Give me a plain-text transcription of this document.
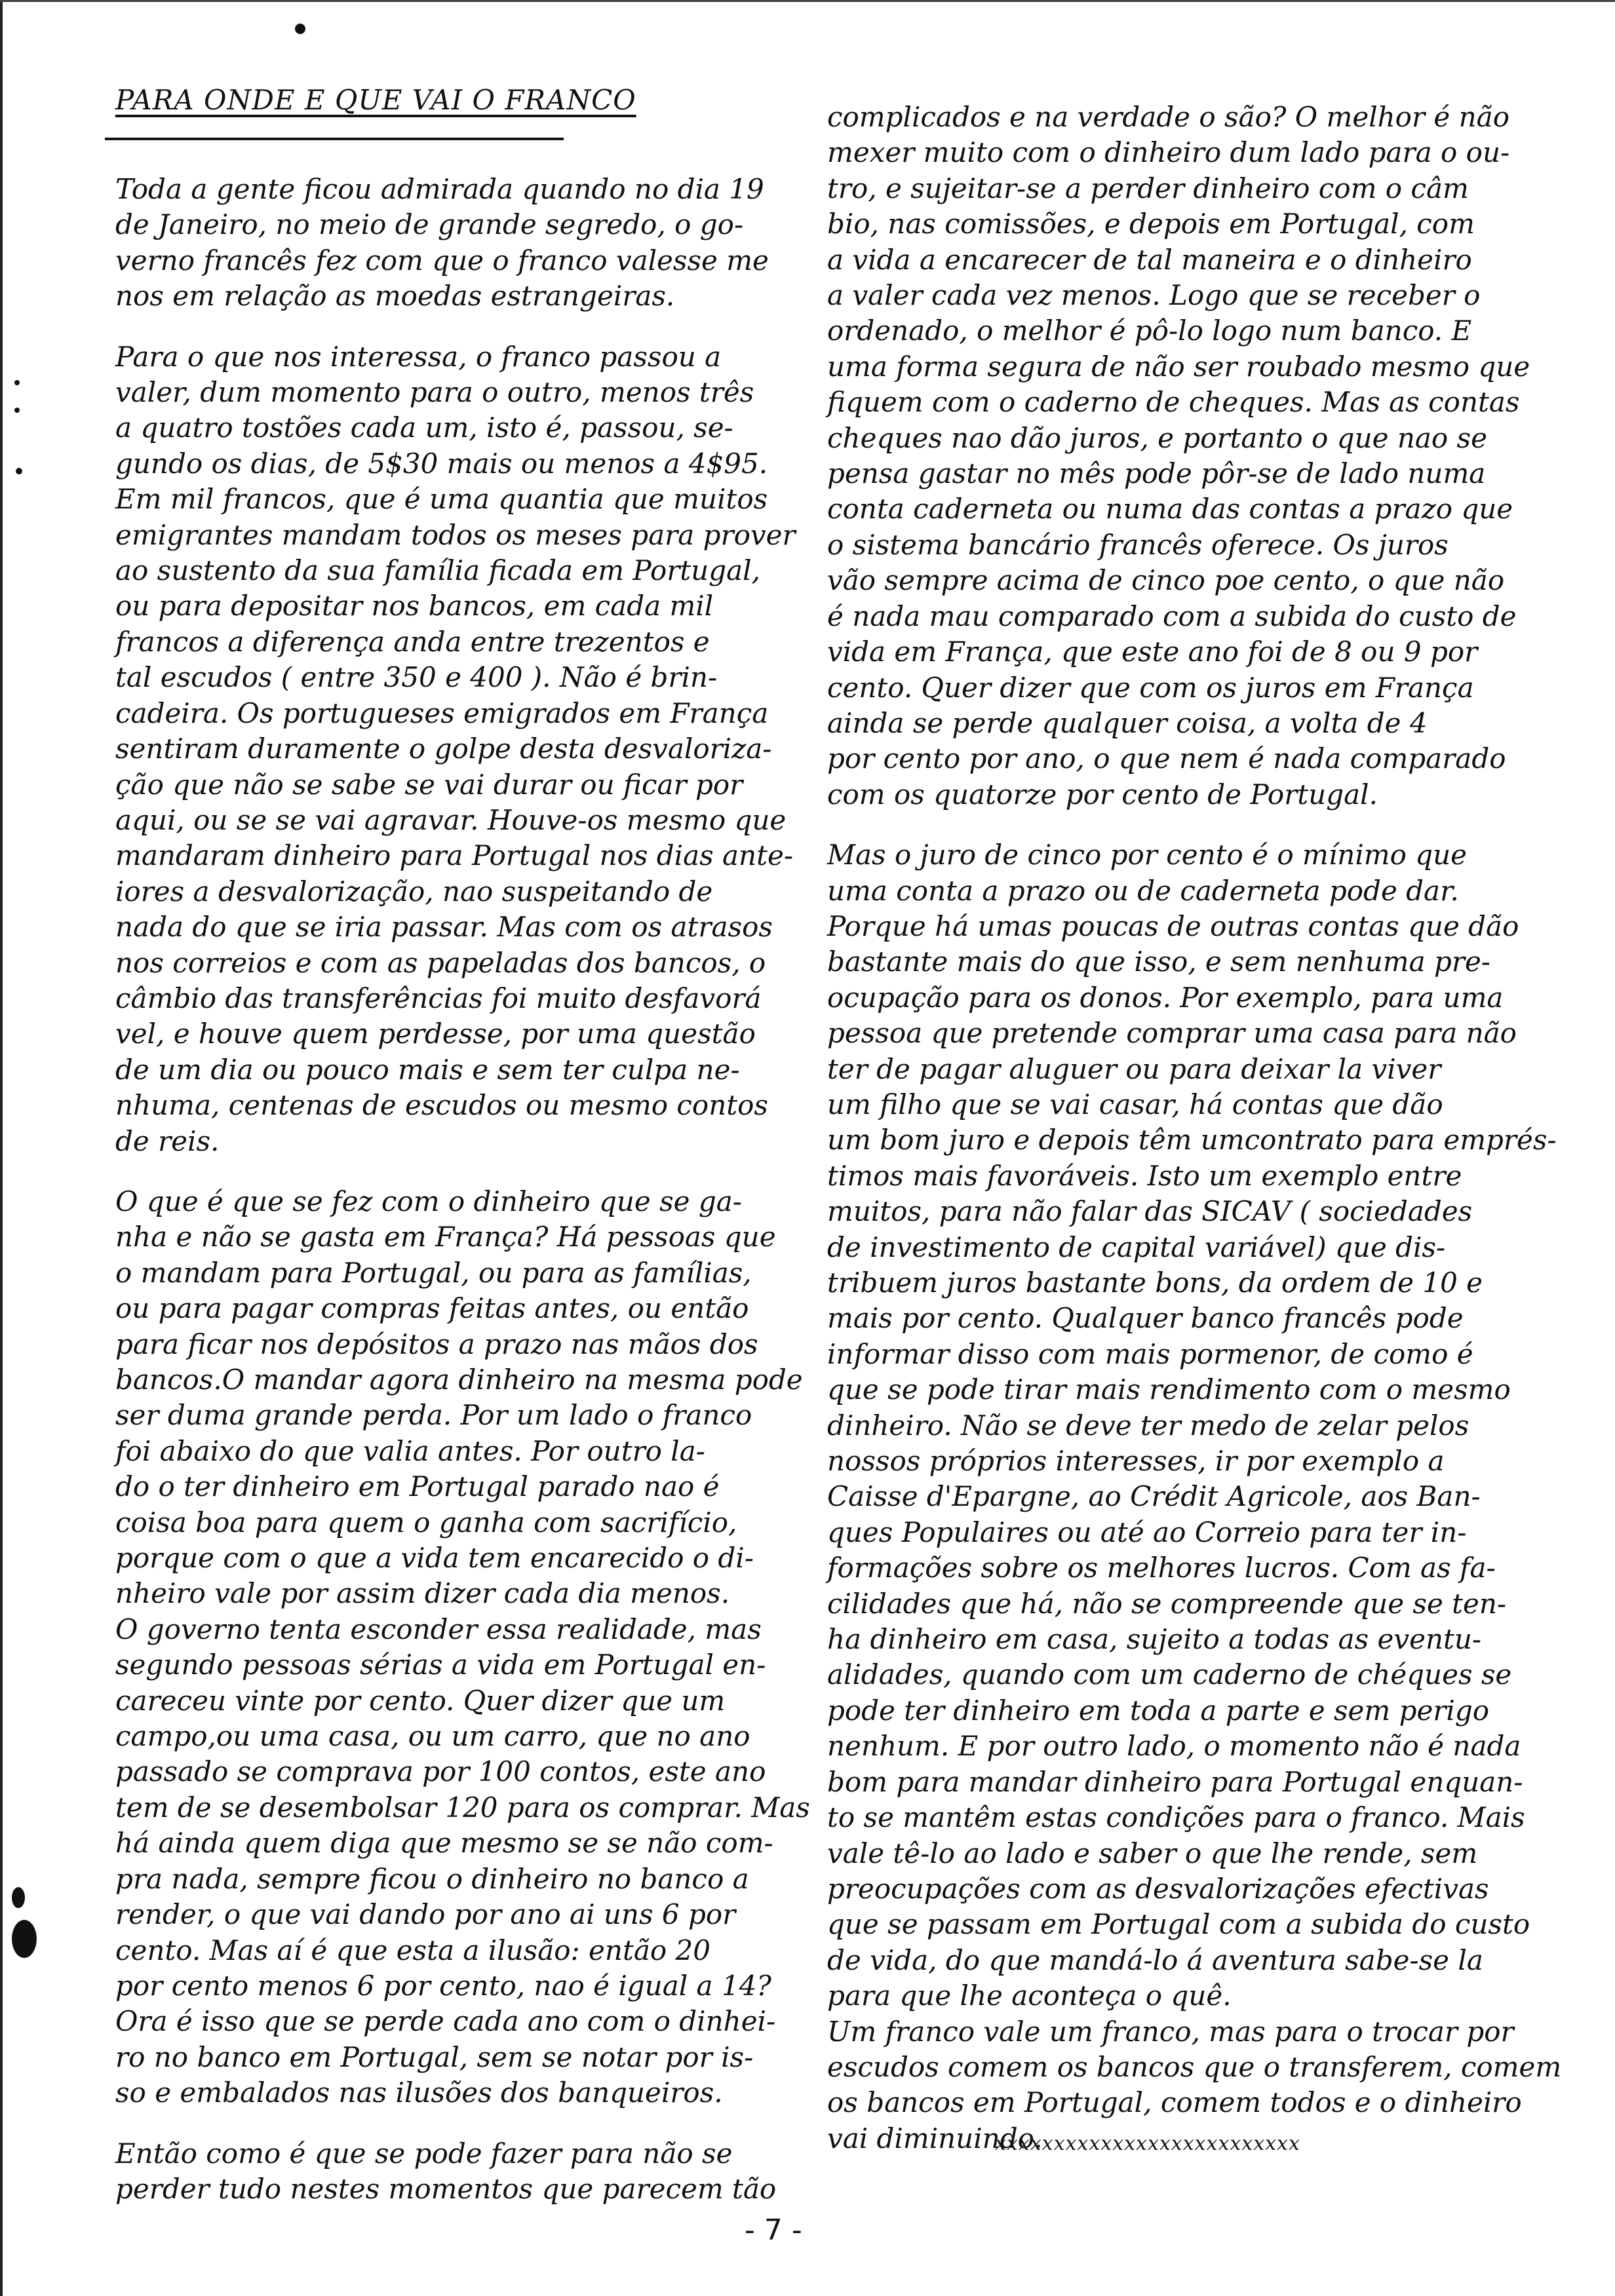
PARA ONDE E QUE VAI O FRANCO

Toda a gente ficou admirada quando no dia 19
de Janeiro, no meio de grande segredo, o go-
verno francês fez com que o franco valesse me
nos em relação as moedas estrangeiras.

Para o que nos interessa, o franco passou a
valer, dum momento para o outro, menos três
a quatro tostões cada um, isto é, passou, se-
gundo os dias, de 5$30 mais ou menos a 4$95.
Em mil francos, que é uma quantia que muitos
emigrantes mandam todos os meses para prover
ao sustento da sua família ficada em Portugal,
ou para depositar nos bancos, em cada mil
francos a diferença anda entre trezentos e
tal escudos ( entre 350 e 400 ). Não é brin-
cadeira. Os portugueses emigrados em França
sentiram duramente o golpe desta desvaloriza-
ção que não se sabe se vai durar ou ficar por
aqui, ou se se vai agravar. Houve-os mesmo que
mandaram dinheiro para Portugal nos dias ante-
iores a desvalorização, nao suspeitando de
nada do que se iria passar. Mas com os atrasos
nos correios e com as papeladas dos bancos, o
câmbio das transferências foi muito desfavorá
vel, e houve quem perdesse, por uma questão
de um dia ou pouco mais e sem ter culpa ne-
nhuma, centenas de escudos ou mesmo contos
de reis.

O que é que se fez com o dinheiro que se ga-
nha e não se gasta em França? Há pessoas que
o mandam para Portugal, ou para as famílias,
ou para pagar compras feitas antes, ou então
para ficar nos depósitos a prazo nas mãos dos
bancos.O mandar agora dinheiro na mesma pode
ser duma grande perda. Por um lado o franco
foi abaixo do que valia antes. Por outro la-
do o ter dinheiro em Portugal parado nao é
coisa boa para quem o ganha com sacrifício,
porque com o que a vida tem encarecido o di-
nheiro vale por assim dizer cada dia menos.
O governo tenta esconder essa realidade, mas
segundo pessoas sérias a vida em Portugal en-
careceu vinte por cento. Quer dizer que um
campo,ou uma casa, ou um carro, que no ano
passado se comprava por 100 contos, este ano
tem de se desembolsar 120 para os comprar. Mas
há ainda quem diga que mesmo se se não com-
pra nada, sempre ficou o dinheiro no banco a
render, o que vai dando por ano ai uns 6 por
cento. Mas aí é que esta a ilusão: então 20
por cento menos 6 por cento, nao é igual a 14?
Ora é isso que se perde cada ano com o dinhei-
ro no banco em Portugal, sem se notar por is-
so e embalados nas ilusões dos banqueiros.

Então como é que se pode fazer para não se
perder tudo nestes momentos que parecem tão

complicados e na verdade o são? O melhor é não
mexer muito com o dinheiro dum lado para o ou-
tro, e sujeitar-se a perder dinheiro com o câm
bio, nas comissões, e depois em Portugal, com
a vida a encarecer de tal maneira e o dinheiro
a valer cada vez menos. Logo que se receber o
ordenado, o melhor é pô-lo logo num banco. E
uma forma segura de não ser roubado mesmo que
fiquem com o caderno de cheques. Mas as contas
cheques nao dão juros, e portanto o que nao se
pensa gastar no mês pode pôr-se de lado numa
conta caderneta ou numa das contas a prazo que
o sistema bancário francês oferece. Os juros
vão sempre acima de cinco poe cento, o que não
é nada mau comparado com a subida do custo de
vida em França, que este ano foi de 8 ou 9 por
cento. Quer dizer que com os juros em França
ainda se perde qualquer coisa, a volta de 4
por cento por ano, o que nem é nada comparado
com os quatorze por cento de Portugal.

Mas o juro de cinco por cento é o mínimo que
uma conta a prazo ou de caderneta pode dar.
Porque há umas poucas de outras contas que dão
bastante mais do que isso, e sem nenhuma pre-
ocupação para os donos. Por exemplo, para uma
pessoa que pretende comprar uma casa para não
ter de pagar aluguer ou para deixar la viver
um filho que se vai casar, há contas que dão
um bom juro e depois têm umcontrato para emprés-
timos mais favoráveis. Isto um exemplo entre
muitos, para não falar das SICAV ( sociedades
de investimento de capital variável) que dis-
tribuem juros bastante bons, da ordem de 10 e
mais por cento. Qualquer banco francês pode
informar disso com mais pormenor, de como é
que se pode tirar mais rendimento com o mesmo
dinheiro. Não se deve ter medo de zelar pelos
nossos próprios interesses, ir por exemplo a
Caisse d'Epargne, ao Crédit Agricole, aos Ban-
ques Populaires ou até ao Correio para ter in-
formações sobre os melhores lucros. Com as fa-
cilidades que há, não se compreende que se ten-
ha dinheiro em casa, sujeito a todas as eventu-
alidades, quando com um caderno de chéques se
pode ter dinheiro em toda a parte e sem perigo
nenhum. E por outro lado, o momento não é nada
bom para mandar dinheiro para Portugal enquan-
to se mantêm estas condições para o franco. Mais
vale tê-lo ao lado e saber o que lhe rende, sem
preocupações com as desvalorizações efectivas
que se passam em Portugal com a subida do custo
de vida, do que mandá-lo á aventura sabe-se la
para que lhe aconteça o quê.
Um franco vale um franco, mas para o trocar por
escudos comem os bancos que o transferem, comem
os bancos em Portugal, comem todos e o dinheiro
vai diminuindo.

xxxxxxxxxxxxxxxxxxxxxxxxxx
- 7 -
